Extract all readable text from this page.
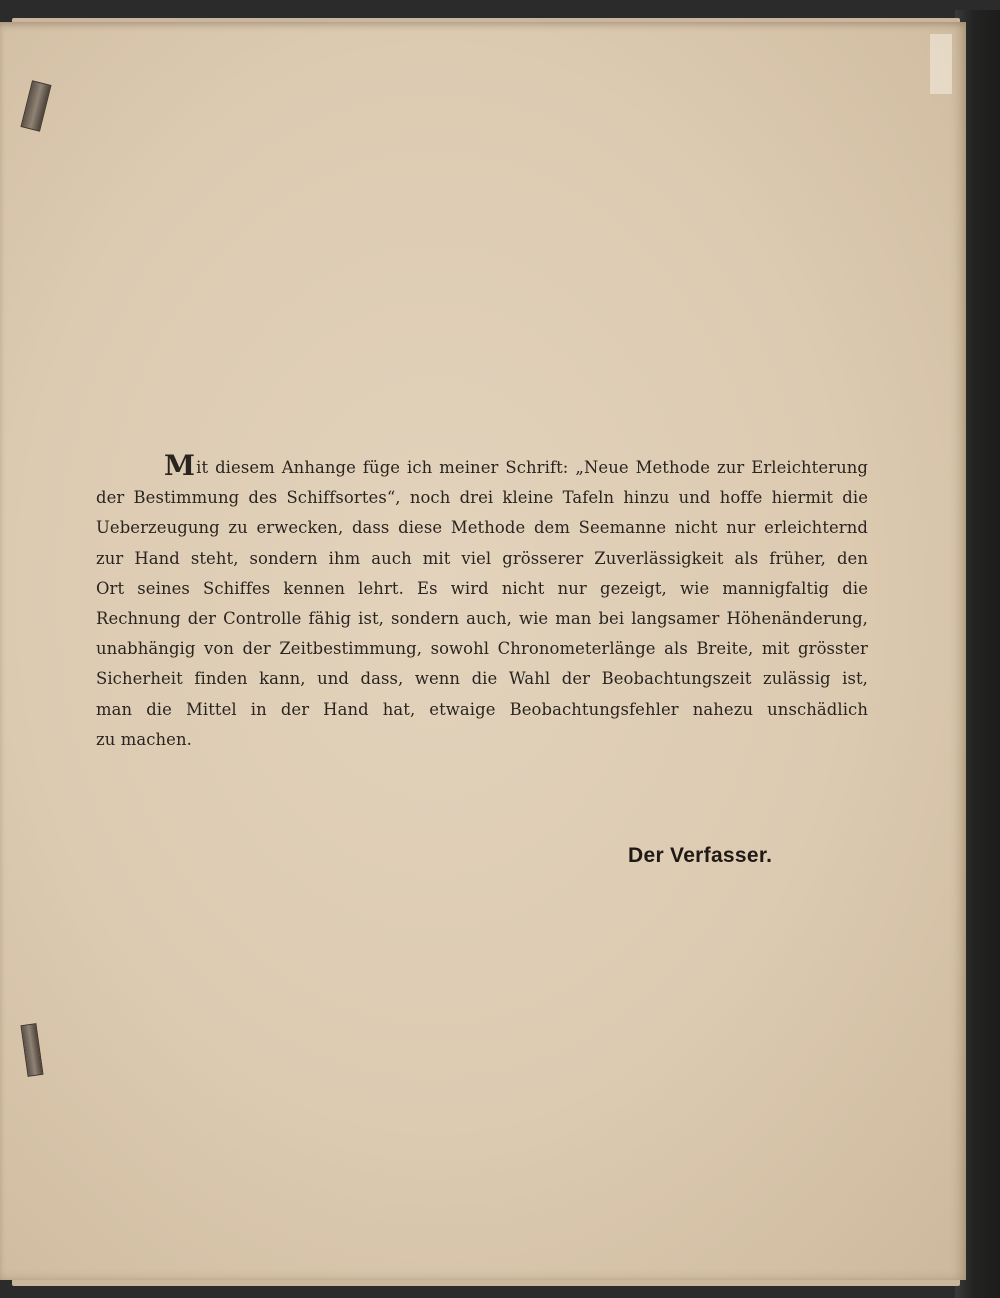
Mit diesem Anhange füge ich meiner Schrift: „Neue Methode zur Erleichterung
der Bestimmung des Schiffsortes“, noch drei kleine Tafeln hinzu und hoffe hiermit die
Ueberzeugung zu erwecken, dass diese Methode dem Seemanne nicht nur erleichternd
zur Hand steht, sondern ihm auch mit viel grösserer Zuverlässigkeit als früher, den
Ort seines Schiffes kennen lehrt. Es wird nicht nur gezeigt, wie mannigfaltig die
Rechnung der Controlle fähig ist, sondern auch, wie man bei langsamer Höhenänderung,
unabhängig von der Zeitbestimmung, sowohl Chronometerlänge als Breite, mit grösster
Sicherheit finden kann, und dass, wenn die Wahl der Beobachtungszeit zulässig ist,
man die Mittel in der Hand hat, etwaige Beobachtungsfehler nahezu unschädlich
zu machen.
Der Verfasser.
